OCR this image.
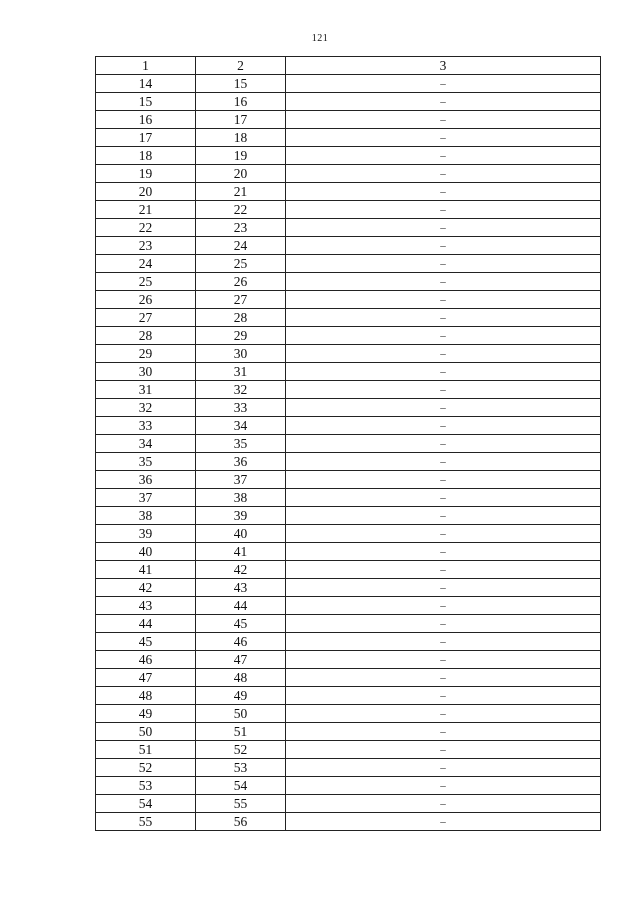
121
1	2	3
14	15	–
15	16	–
16	17	–
17	18	–
18	19	–
19	20	–
20	21	–
21	22	–
22	23	–
23	24	–
24	25	–
25	26	–
26	27	–
27	28	–
28	29	–
29	30	–
30	31	–
31	32	–
32	33	–
33	34	–
34	35	–
35	36	–
36	37	–
37	38	–
38	39	–
39	40	–
40	41	–
41	42	–
42	43	–
43	44	–
44	45	–
45	46	–
46	47	–
47	48	–
48	49	–
49	50	–
50	51	–
51	52	–
52	53	–
53	54	–
54	55	–
55	56	–
